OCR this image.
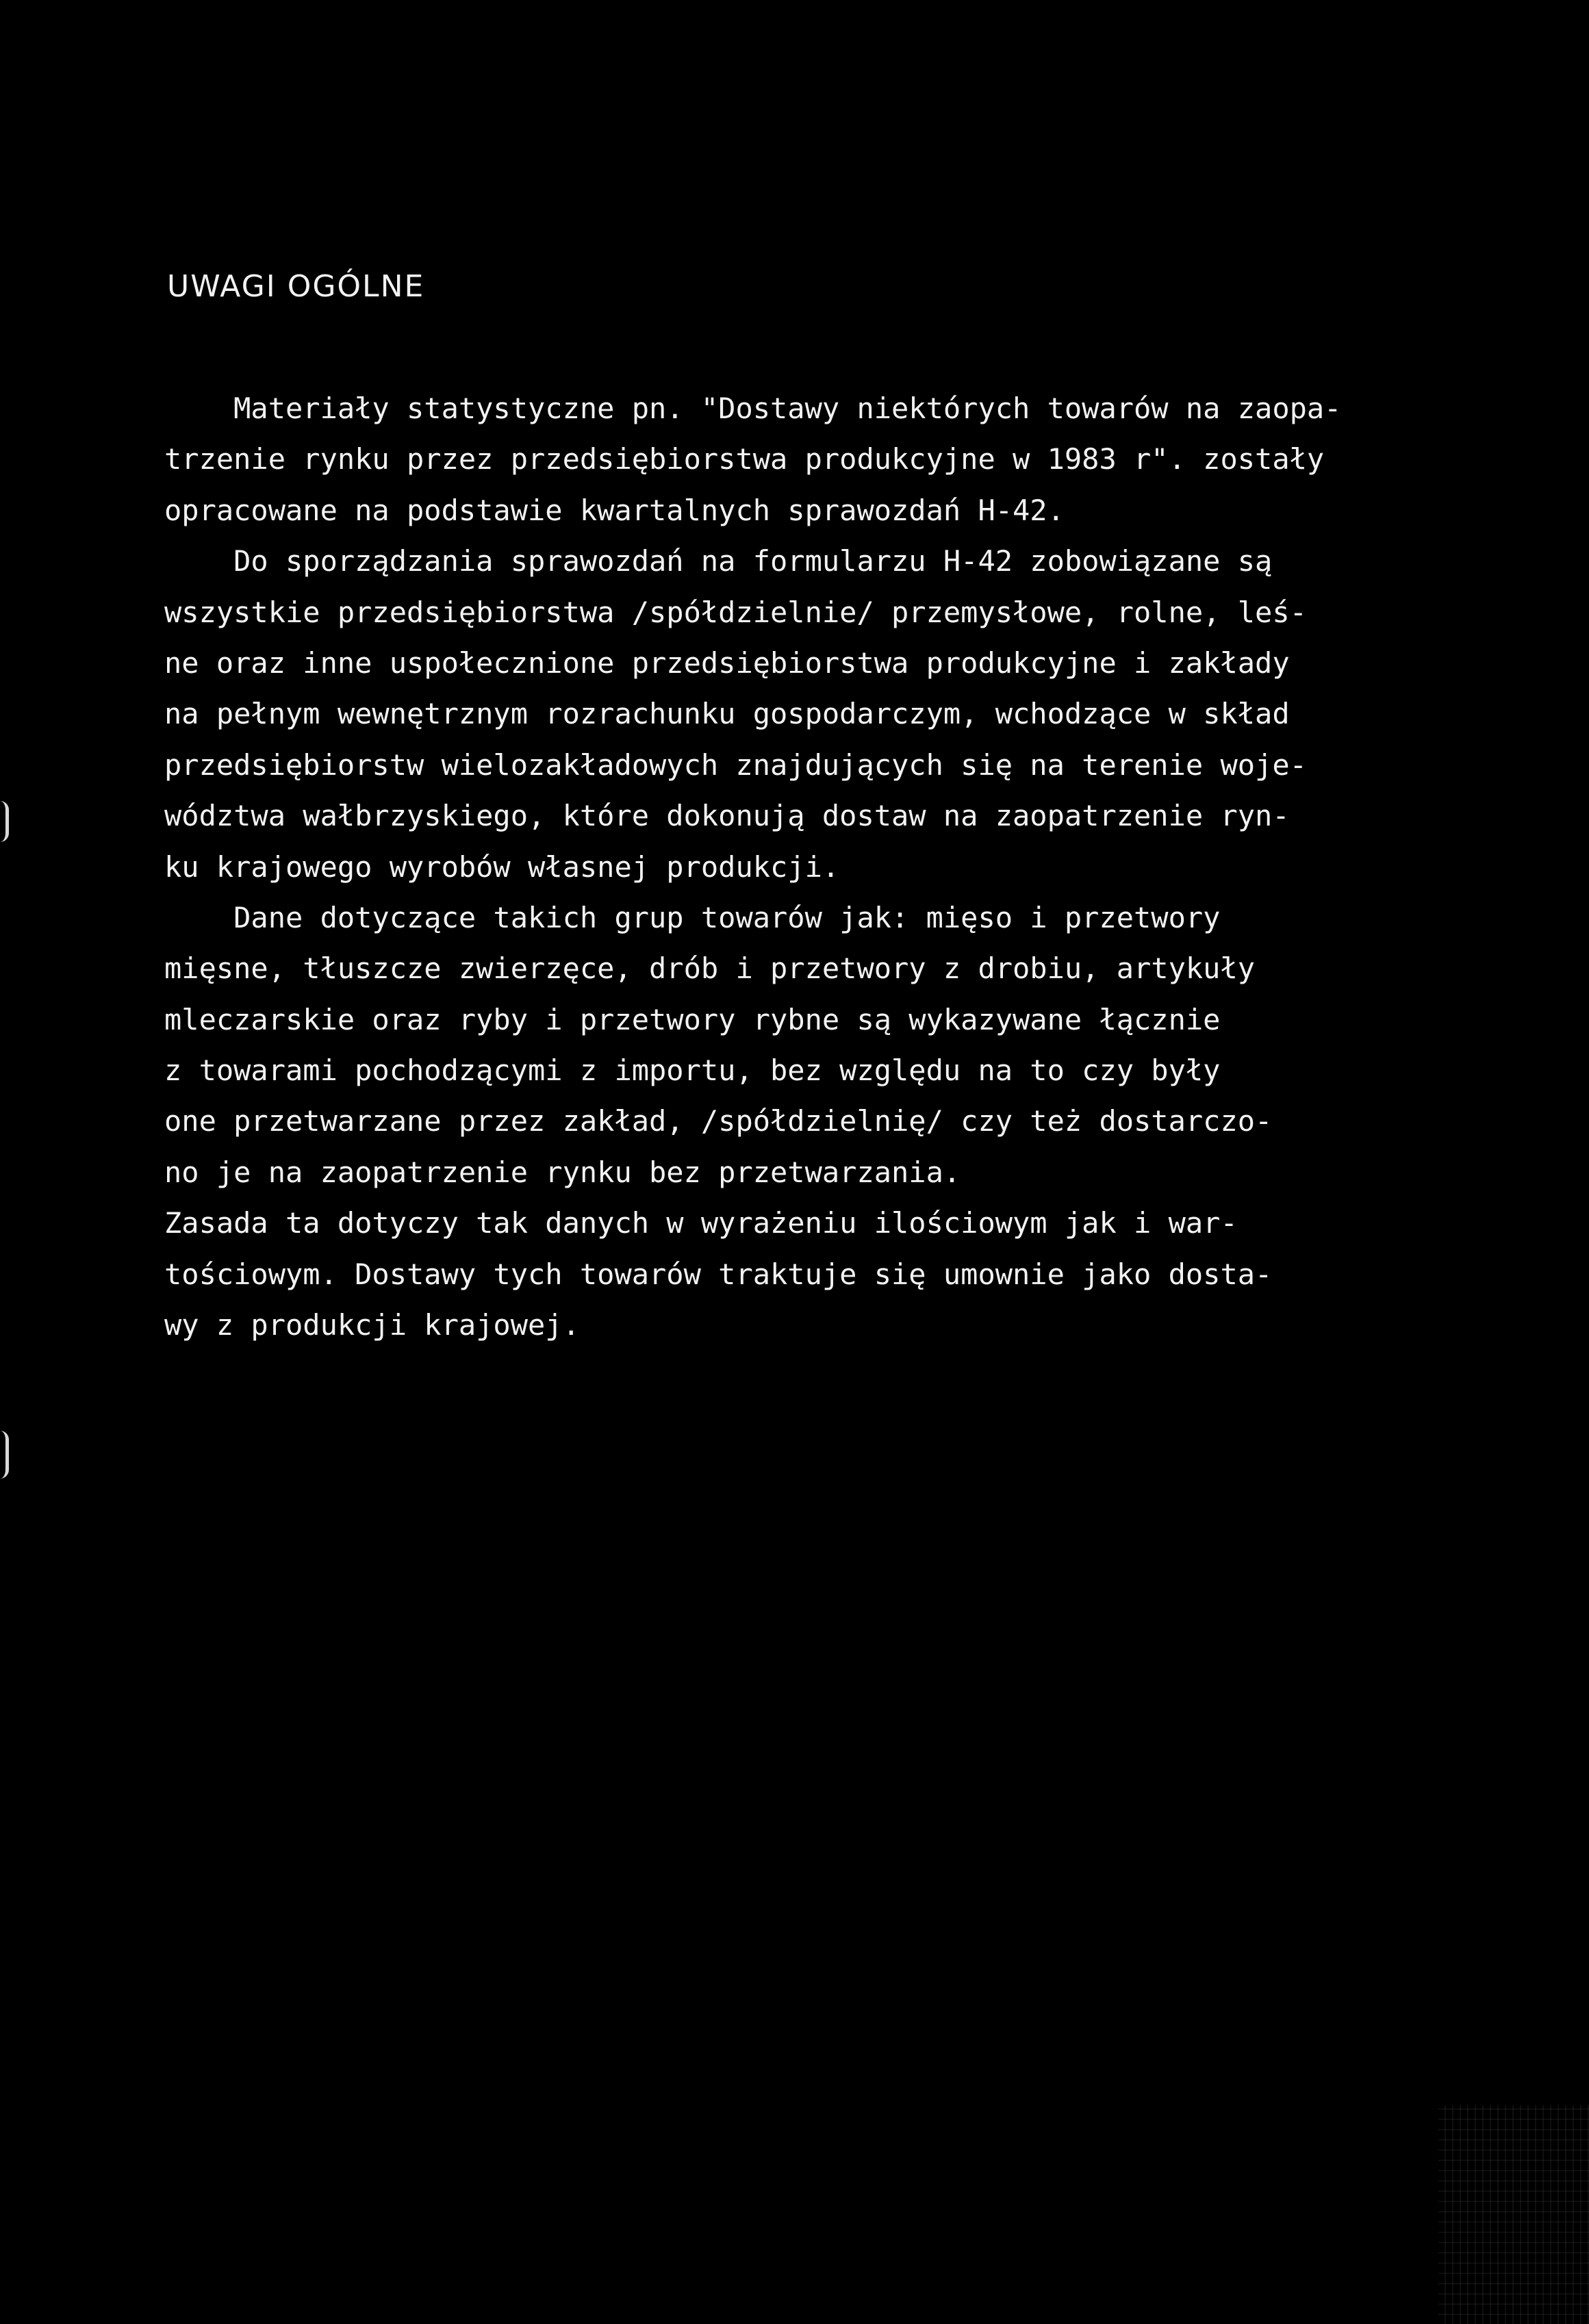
UWAGI OGÓLNE
Materiały statystyczne pn. "Dostawy niektórych towarów na zaopa-
trzenie rynku przez przedsiębiorstwa produkcyjne w 1983 r". zostały
opracowane na podstawie kwartalnych sprawozdań H-42.
Do sporządzania sprawozdań na formularzu H-42 zobowiązane są
wszystkie przedsiębiorstwa /spółdzielnie/ przemysłowe, rolne, leś-
ne oraz inne uspołecznione przedsiębiorstwa produkcyjne i zakłady
na pełnym wewnętrznym rozrachunku gospodarczym, wchodzące w skład
przedsiębiorstw wielozakładowych znajdujących się na terenie woje-
wództwa wałbrzyskiego, które dokonują dostaw na zaopatrzenie ryn-
ku krajowego wyrobów własnej produkcji.
Dane dotyczące takich grup towarów jak: mięso i przetwory
mięsne, tłuszcze zwierzęce, drób i przetwory z drobiu, artykuły
mleczarskie oraz ryby i przetwory rybne są wykazywane łącznie
z towarami pochodzącymi z importu, bez względu na to czy były
one przetwarzane przez zakład, /spółdzielnię/ czy też dostarczo-
no je na zaopatrzenie rynku bez przetwarzania.
Zasada ta dotyczy tak danych w wyrażeniu ilościowym jak i war-
tościowym. Dostawy tych towarów traktuje się umownie jako dosta-
wy z produkcji krajowej.
